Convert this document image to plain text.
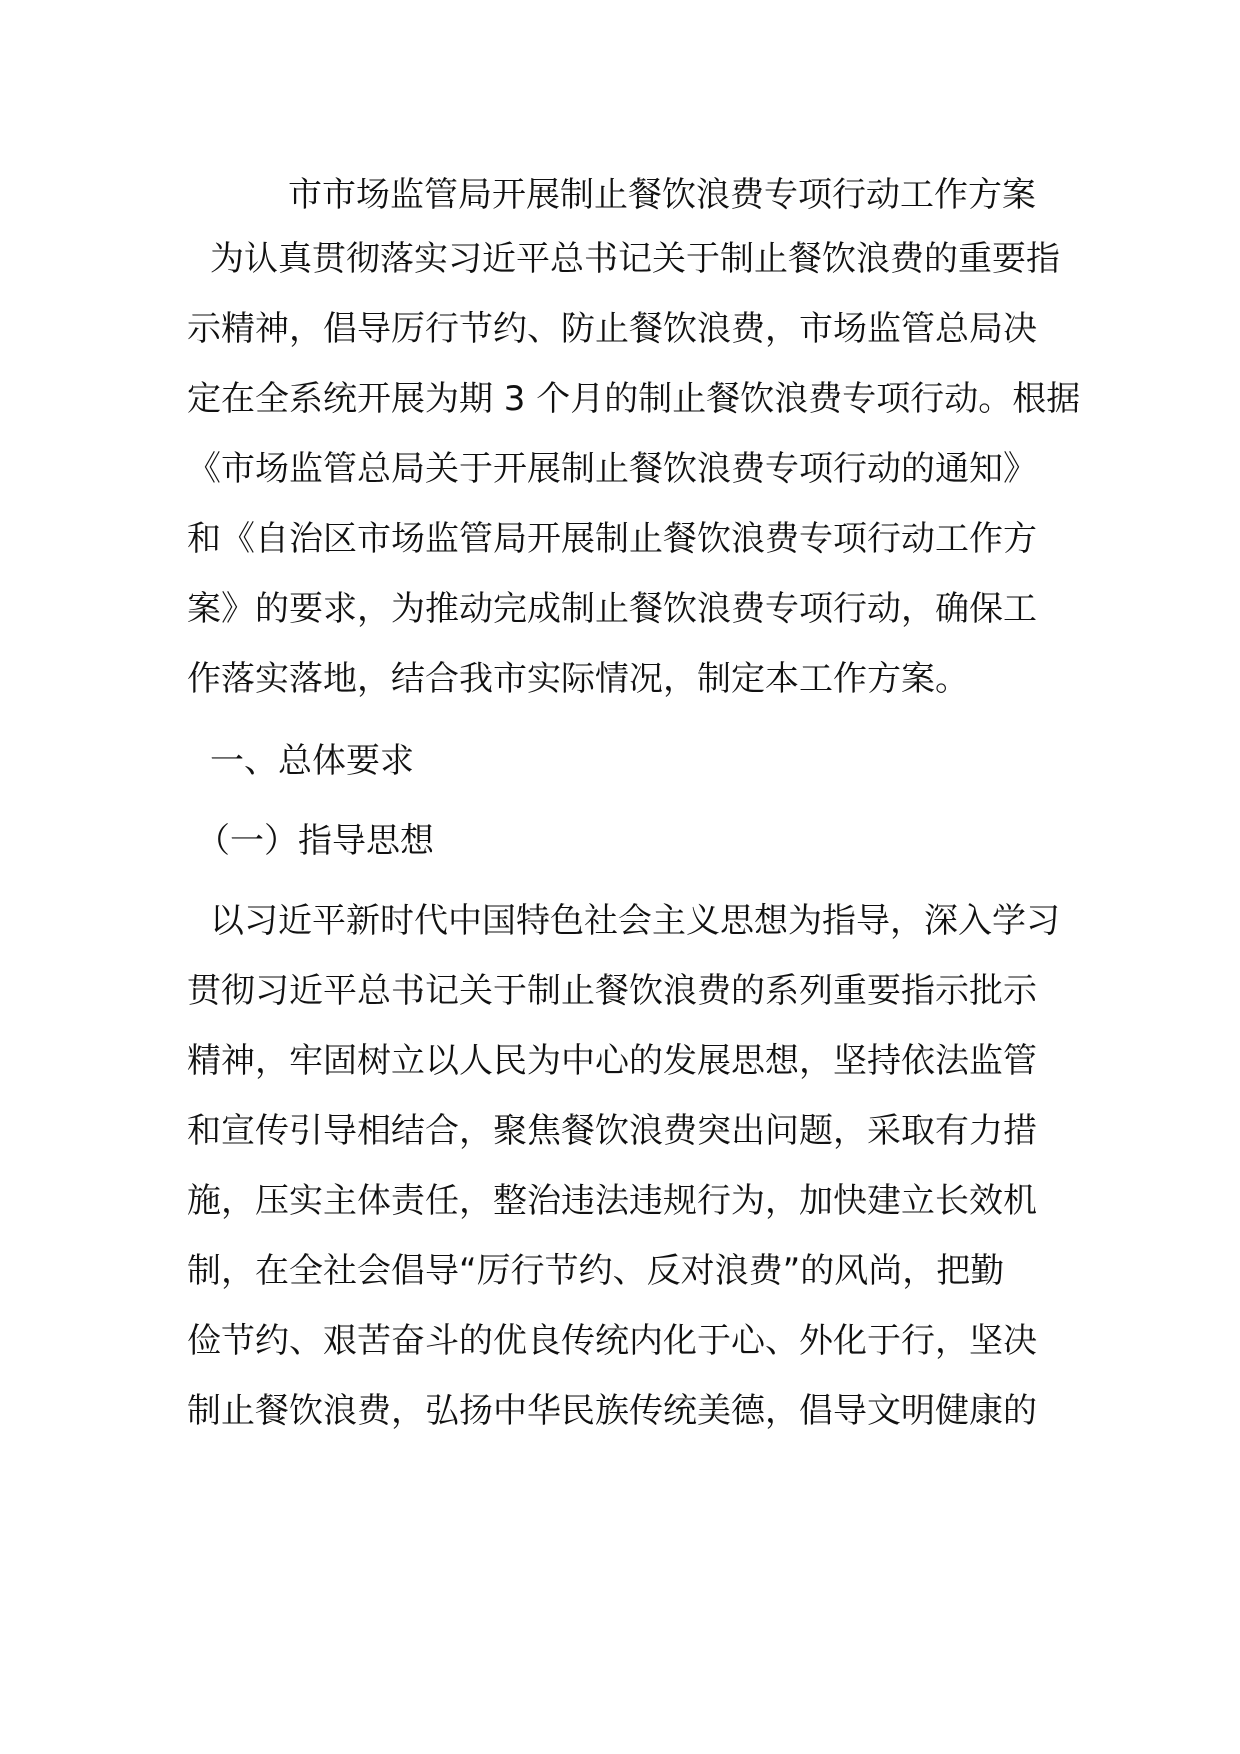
市市场监管局开展制止餐饮浪费专项行动工作方案
为认真贯彻落实习近平总书记关于制止餐饮浪费的重要指
示精神，倡导厉行节约、防止餐饮浪费，市场监管总局决
定在全系统开展为期 3 个月的制止餐饮浪费专项行动。根据
《市场监管总局关于开展制止餐饮浪费专项行动的通知》
和《自治区市场监管局开展制止餐饮浪费专项行动工作方
案》的要求，为推动完成制止餐饮浪费专项行动，确保工
作落实落地，结合我市实际情况，制定本工作方案。
一、总体要求
（一）指导思想
以习近平新时代中国特色社会主义思想为指导，深入学习
贯彻习近平总书记关于制止餐饮浪费的系列重要指示批示
精神，牢固树立以人民为中心的发展思想，坚持依法监管
和宣传引导相结合，聚焦餐饮浪费突出问题，采取有力措
施，压实主体责任，整治违法违规行为，加快建立长效机
制，在全社会倡导“厉行节约、反对浪费”的风尚，把勤
俭节约、艰苦奋斗的优良传统内化于心、外化于行，坚决
制止餐饮浪费，弘扬中华民族传统美德，倡导文明健康的
